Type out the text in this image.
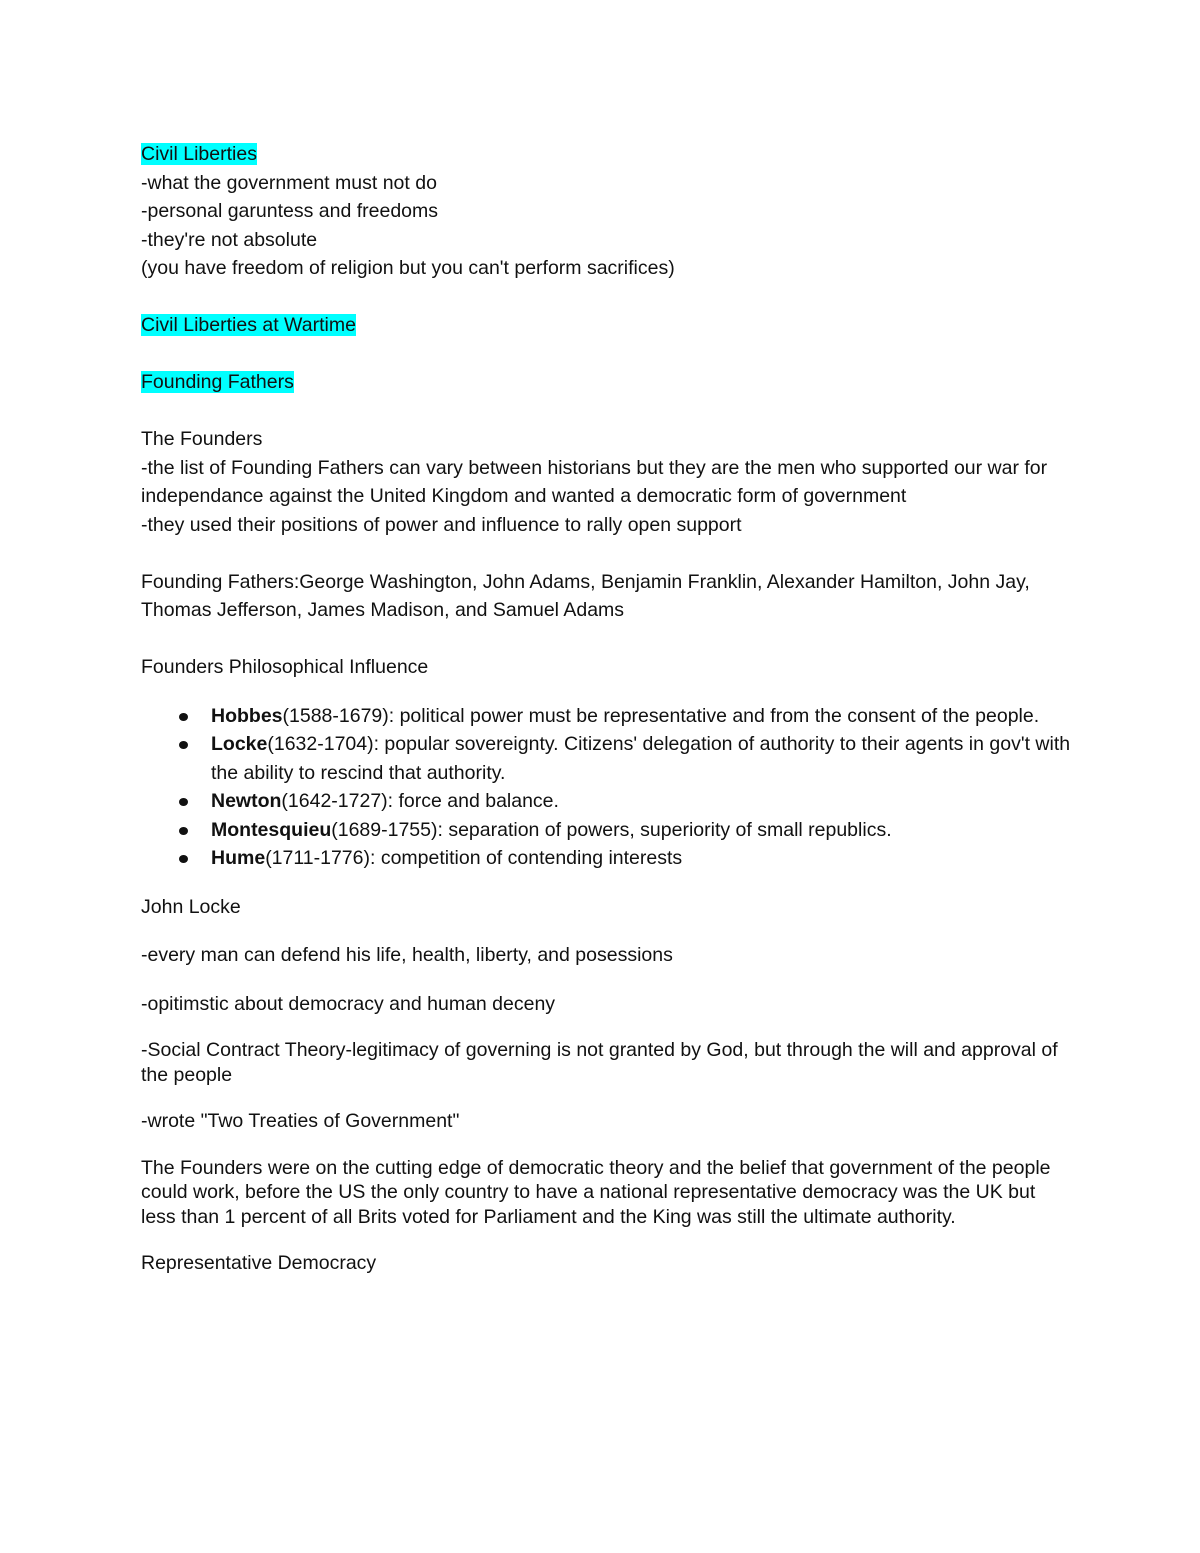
Civil Liberties
-what the government must not do
-personal garuntess and freedoms
-they're not absolute
(you have freedom of religion but you can't perform sacrifices)
Civil Liberties at Wartime
Founding Fathers
The Founders
-the list of Founding Fathers can vary between historians but they are the men who supported our war for independance against the United Kingdom and wanted a democratic form of government
-they used their positions of power and influence to rally open support
Founding Fathers:George Washington, John Adams, Benjamin Franklin, Alexander Hamilton, John Jay, Thomas Jefferson, James Madison, and Samuel Adams
Founders Philosophical Influence
Hobbes(1588-1679): political power must be representative and from the consent of the people.
Locke(1632-1704): popular sovereignty. Citizens' delegation of authority to their agents in gov't with the ability to rescind that authority.
Newton(1642-1727): force and balance.
Montesquieu(1689-1755): separation of powers, superiority of small republics.
Hume(1711-1776): competition of contending interests
John Locke
-every man can defend his life, health, liberty, and posessions
-opitimstic about democracy and human deceny
-Social Contract Theory-legitimacy of governing is not granted by God, but through the will and approval of the people
-wrote "Two Treaties of Government"
The Founders were on the cutting edge of democratic theory and the belief that government of the people could work, before the US the only country to have a national representative democracy was the UK but less than 1 percent of all Brits voted for Parliament and the King was still the ultimate authority.
Representative Democracy
